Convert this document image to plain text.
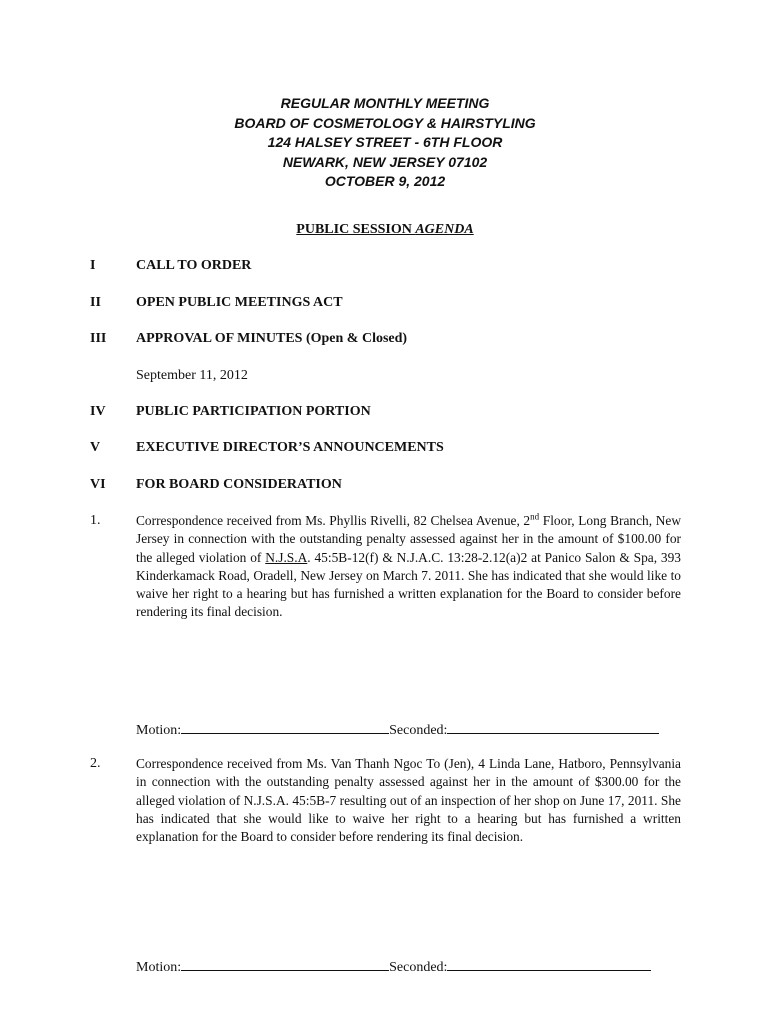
REGULAR MONTHLY MEETING
BOARD OF COSMETOLOGY & HAIRSTYLING
124 HALSEY STREET - 6TH FLOOR
NEWARK, NEW JERSEY 07102
OCTOBER 9, 2012
PUBLIC SESSION AGENDA
I	CALL TO ORDER
II	OPEN PUBLIC MEETINGS ACT
III APPROVAL OF MINUTES (Open & Closed)
September 11, 2012
IV PUBLIC PARTICIPATION PORTION
V	EXECUTIVE DIRECTOR’S ANNOUNCEMENTS
VI FOR BOARD CONSIDERATION
1.	Correspondence received from Ms. Phyllis Rivelli, 82 Chelsea Avenue, 2nd Floor, Long Branch, New Jersey in connection with the outstanding penalty assessed against her in the amount of $100.00 for the alleged violation of N.J.S.A. 45:5B-12(f) & N.J.A.C. 13:28-2.12(a)2 at Panico Salon & Spa, 393 Kinderkamack Road, Oradell, New Jersey on March 7. 2011. She has indicated that she would like to waive her right to a hearing but has furnished a written explanation for the Board to consider before rendering its final decision.

Motion:	Seconded:
2.	Correspondence received from Ms. Van Thanh Ngoc To (Jen), 4 Linda Lane, Hatboro, Pennsylvania in connection with the outstanding penalty assessed against her in the amount of $300.00 for the alleged violation of N.J.S.A. 45:5B-7 resulting out of an inspection of her shop on June 17, 2011. She has indicated that she would like to waive her right to a hearing but has furnished a written explanation for the Board to consider before rendering its final decision.

Motion:	Seconded:
